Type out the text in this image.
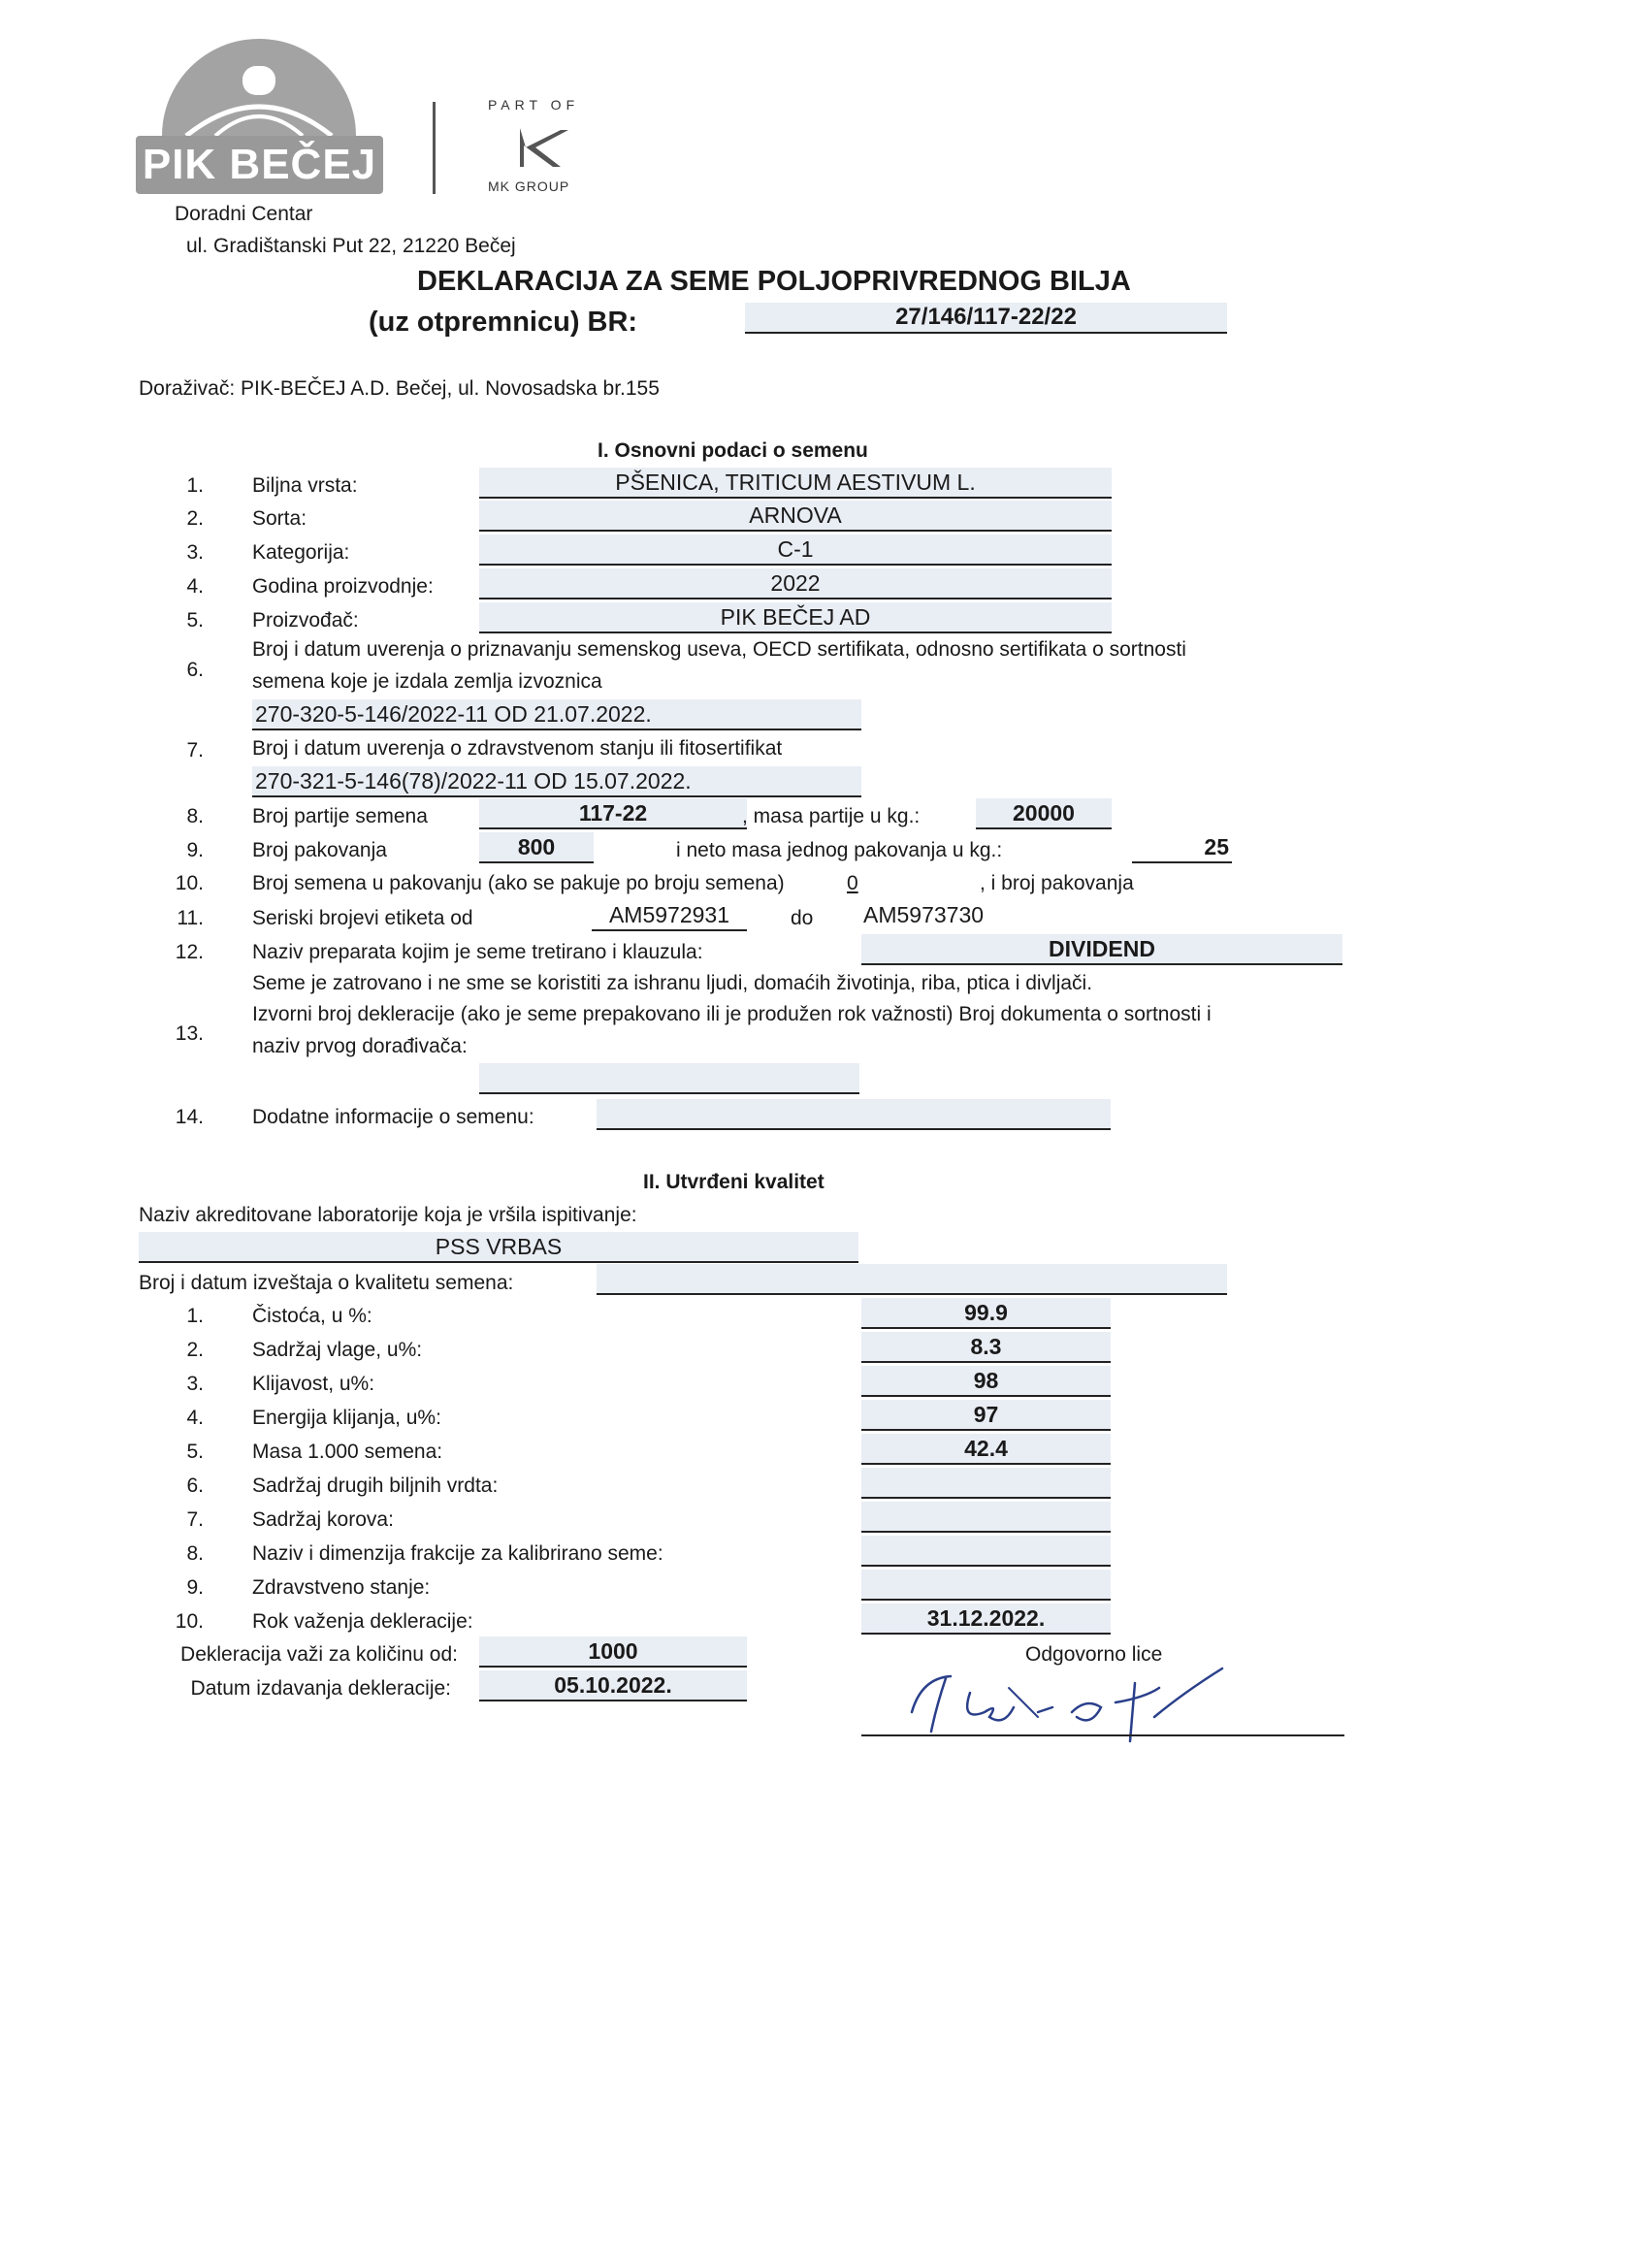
PIK BEČEJ
PART OF
MK GROUP
Doradni Centar
ul. Gradištanski Put 22, 21220 Bečej
DEKLARACIJA ZA SEME POLJOPRIVREDNOG BILJA
(uz otpremnicu) BR:	27/146/117-22/22
Doraživač: PIK-BEČEJ A.D. Bečej, ul. Novosadska br.155
I. Osnovni podaci o semenu
1. Biljna vrsta:	PŠENICA, TRITICUM AESTIVUM L.
2. Sorta:	ARNOVA
3. Kategorija:	C-1
4. Godina proizvodnje:	2022
5. Proizvođač:	PIK BEČEJ AD
6.
Broj i datum uverenja o priznavanju semenskog useva, OECD sertifikata, odnosno sertifikata o sortnosti
semena koje je izdala zemlja izvoznica
270-320-5-146/2022-11 OD 21.07.2022.
7. Broj i datum uverenja o zdravstvenom stanju ili fitosertifikat
270-321-5-146(78)/2022-11 OD 15.07.2022.
8. Broj partije semena	117-22	, masa partije u kg.:	20000
9. Broj pakovanja	800	i neto masa jednog pakovanja u kg.:	25
10. Broj semena u pakovanju (ako se pakuje po broju semena)	0	, i broj pakovanja
11. Seriski brojevi etiketa od	AM5972931	do AM5973730
12. Naziv preparata kojim je seme tretirano i klauzula:	DIVIDEND
Seme je zatrovano i ne sme se koristiti za ishranu ljudi, domaćih životinja, riba, ptica i divljači.
13.
Izvorni broj dekleracije (ako je seme prepakovano ili je produžen rok važnosti) Broj dokumenta o sortnosti i
naziv prvog dorađivača:
14. Dodatne informacije o semenu:
II. Utvrđeni kvalitet
Naziv akreditovane laboratorije koja je vršila ispitivanje:
PSS VRBAS
Broj i datum izveštaja o kvalitetu semena:
1. Čistoća, u %:	99.9
2. Sadržaj vlage, u%:	8.3
3. Klijavost, u%:	98
4. Energija klijanja, u%:	97
5. Masa 1.000 semena:	42.4
6. Sadržaj drugih biljnih vrdta:
7. Sadržaj korova:
8. Naziv i dimenzija frakcije za kalibrirano seme:
9. Zdravstveno stanje:
10. Rok važenja dekleracije:	31.12.2022.
Dekleracija važi za količinu od:	1000	Odgovorno lice
Datum izdavanja dekleracije:	05.10.2022.
